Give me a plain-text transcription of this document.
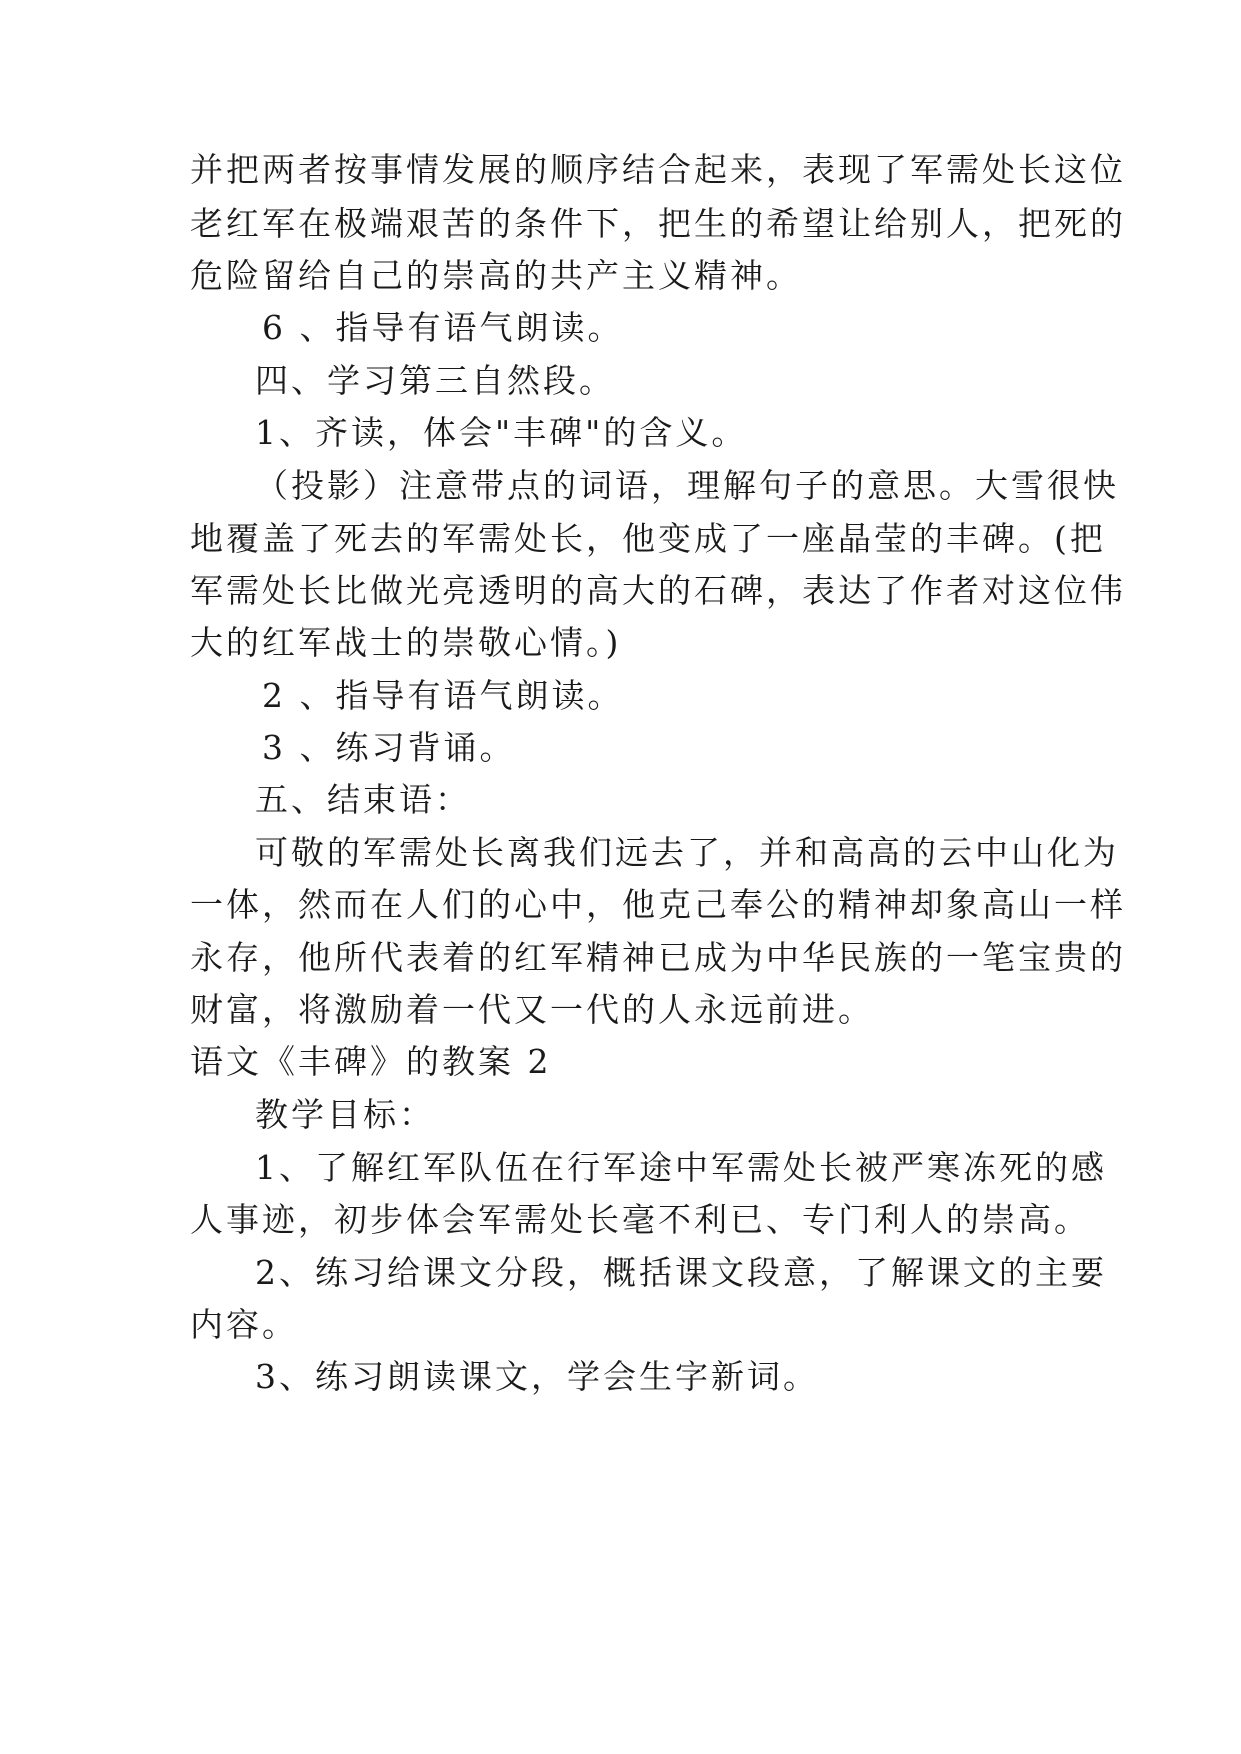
并把两者按事情发展的顺序结合起来，表现了军需处长这位
老红军在极端艰苦的条件下，把生的希望让给别人，把死的
危险留给自己的崇高的共产主义精神。
6 、指导有语气朗读。
四、学习第三自然段。
1、齐读，体会"丰碑"的含义。
（投影）注意带点的词语，理解句子的意思。大雪很快
地覆盖了死去的军需处长，他变成了一座晶莹的丰碑。(把
军需处长比做光亮透明的高大的石碑，表达了作者对这位伟
大的红军战士的崇敬心情。)
2 、指导有语气朗读。
3 、练习背诵。
五、结束语：
可敬的军需处长离我们远去了，并和高高的云中山化为
一体，然而在人们的心中，他克己奉公的精神却象高山一样
永存，他所代表着的红军精神已成为中华民族的一笔宝贵的
财富，将激励着一代又一代的人永远前进。
语文《丰碑》的教案 2
教学目标：
1、了解红军队伍在行军途中军需处长被严寒冻死的感
人事迹，初步体会军需处长毫不利已、专门利人的崇高。
2、练习给课文分段，概括课文段意，了解课文的主要
内容。
3、练习朗读课文，学会生字新词。
